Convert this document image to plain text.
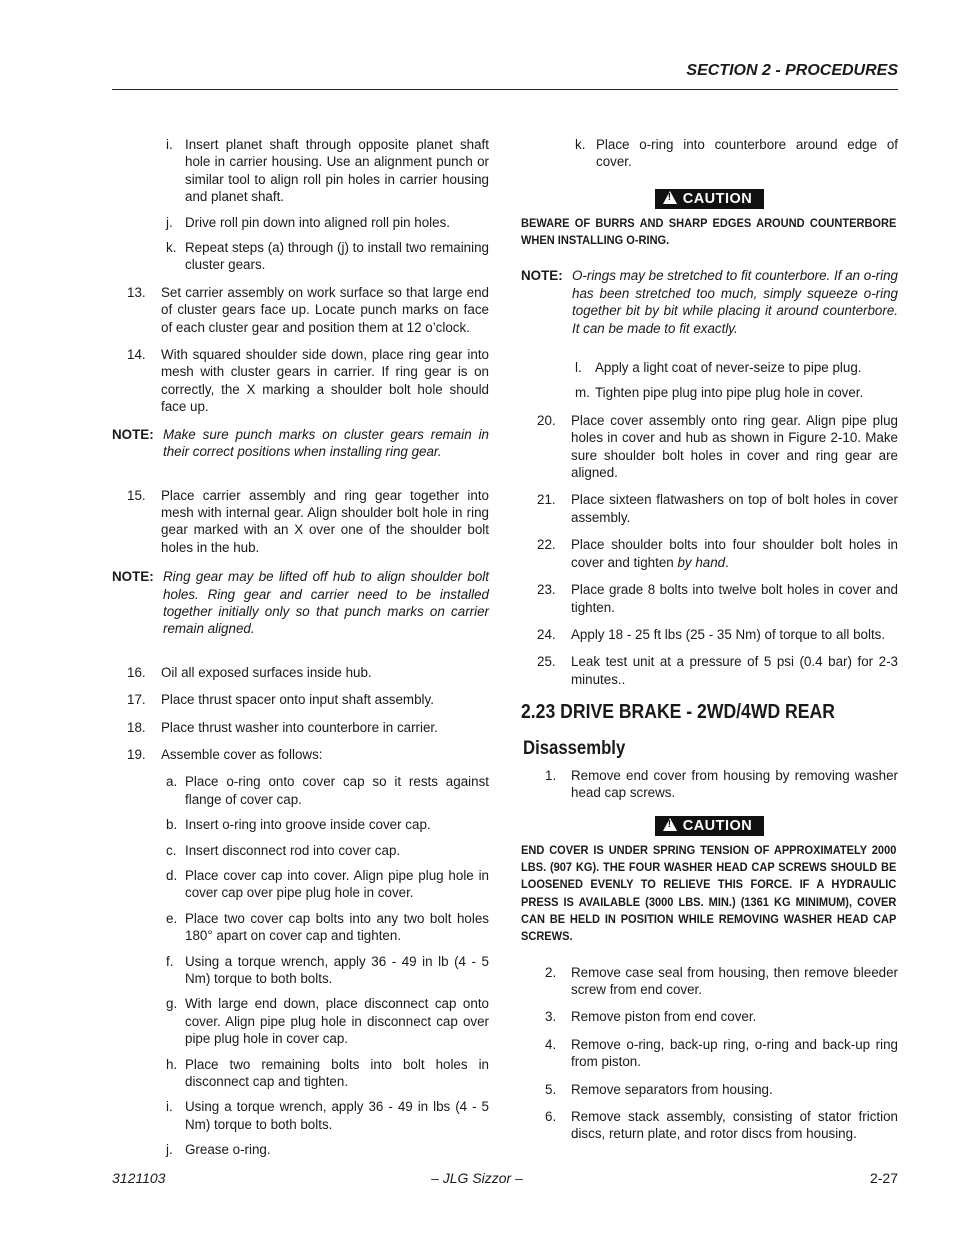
SECTION 2 - PROCEDURES
i. Insert planet shaft through opposite planet shaft hole in carrier housing. Use an alignment punch or similar tool to align roll pin holes in carrier housing and planet shaft.
j. Drive roll pin down into aligned roll pin holes.
k. Repeat steps (a) through (j) to install two remaining cluster gears.
13. Set carrier assembly on work surface so that large end of cluster gears face up. Locate punch marks on face of each cluster gear and position them at 12 o’clock.
14. With squared shoulder side down, place ring gear into mesh with cluster gears in carrier. If ring gear is on correctly, the X marking a shoulder bolt hole should face up.
NOTE: Make sure punch marks on cluster gears remain in their correct positions when installing ring gear.
15. Place carrier assembly and ring gear together into mesh with internal gear. Align shoulder bolt hole in ring gear marked with an X over one of the shoulder bolt holes in the hub.
NOTE: Ring gear may be lifted off hub to align shoulder bolt holes. Ring gear and carrier need to be installed together initially only so that punch marks on carrier remain aligned.
16. Oil all exposed surfaces inside hub.
17. Place thrust spacer onto input shaft assembly.
18. Place thrust washer into counterbore in carrier.
19. Assemble cover as follows:
a. Place o-ring onto cover cap so it rests against flange of cover cap.
b. Insert o-ring into groove inside cover cap.
c. Insert disconnect rod into cover cap.
d. Place cover cap into cover. Align pipe plug hole in cover cap over pipe plug hole in cover.
e. Place two cover cap bolts into any two bolt holes 180° apart on cover cap and tighten.
f. Using a torque wrench, apply 36 - 49 in lb (4 - 5 Nm) torque to both bolts.
g. With large end down, place disconnect cap onto cover. Align pipe plug hole in disconnect cap over pipe plug hole in cover cap.
h. Place two remaining bolts into bolt holes in disconnect cap and tighten.
i. Using a torque wrench, apply 36 - 49 in lbs (4 - 5 Nm) torque to both bolts.
j. Grease o-ring.
k. Place o-ring into counterbore around edge of cover.
! CAUTION
BEWARE OF BURRS AND SHARP EDGES AROUND COUNTERBORE WHEN INSTALLING O-RING.
NOTE: O-rings may be stretched to fit counterbore. If an o-ring has been stretched too much, simply squeeze o-ring together bit by bit while placing it around counterbore. It can be made to fit exactly.
l. Apply a light coat of never-seize to pipe plug.
m. Tighten pipe plug into pipe plug hole in cover.
20. Place cover assembly onto ring gear. Align pipe plug holes in cover and hub as shown in Figure 2-10. Make sure shoulder bolt holes in cover and ring gear are aligned.
21. Place sixteen flatwashers on top of bolt holes in cover assembly.
22. Place shoulder bolts into four shoulder bolt holes in cover and tighten by hand.
23. Place grade 8 bolts into twelve bolt holes in cover and tighten.
24. Apply 18 - 25 ft lbs (25 - 35 Nm) of torque to all bolts.
25. Leak test unit at a pressure of 5 psi (0.4 bar) for 2-3 minutes..
2.23 DRIVE BRAKE - 2WD/4WD REAR
Disassembly
1. Remove end cover from housing by removing washer head cap screws.
! CAUTION
END COVER IS UNDER SPRING TENSION OF APPROXIMATELY 2000 LBS. (907 KG). THE FOUR WASHER HEAD CAP SCREWS SHOULD BE LOOSENED EVENLY TO RELIEVE THIS FORCE. IF A HYDRAULIC PRESS IS AVAILABLE (3000 LBS. MIN.) (1361 KG MINIMUM), COVER CAN BE HELD IN POSITION WHILE REMOVING WASHER HEAD CAP SCREWS.
2. Remove case seal from housing, then remove bleeder screw from end cover.
3. Remove piston from end cover.
4. Remove o-ring, back-up ring, o-ring and back-up ring from piston.
5. Remove separators from housing.
6. Remove stack assembly, consisting of stator friction discs, return plate, and rotor discs from housing.
3121103	– JLG Sizzor –	2-27
